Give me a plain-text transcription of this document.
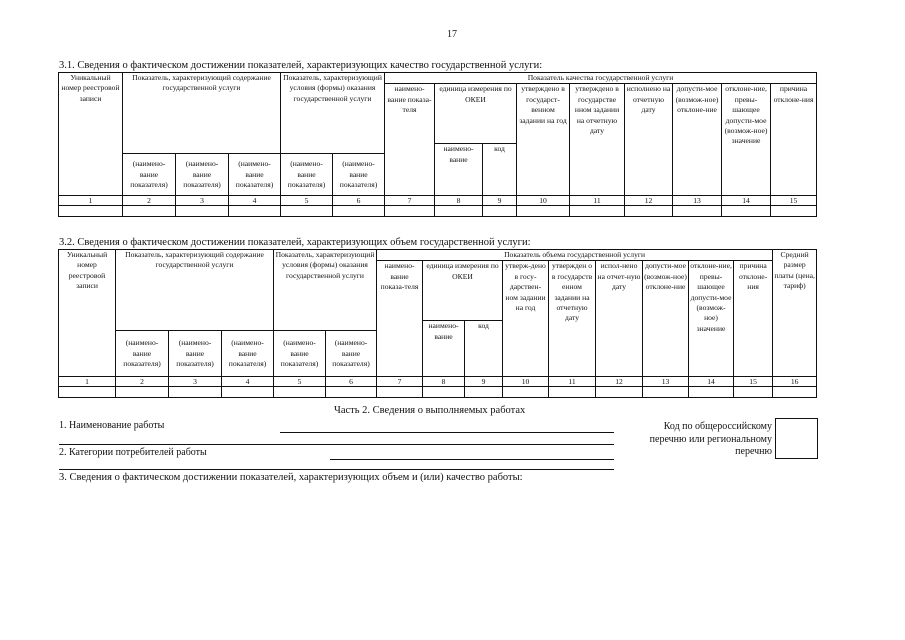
17
3.1. Сведения о фактическом достижении показателей, характеризующих качество государственной услуги:
Уникальный номер реестровой записи	Показатель, характеризующий содержание государственной услуги			Показатель, характеризующий условия (формы) оказания государственной услуги		Показатель качества государственной услуги								
						наимено-вание показа-теля	единица измерения по ОКЕИ		утверждено в государст-венном задании на год	утверждено в государстве нном задании на отчетную дату	исполнено на отчетную дату	допусти-мое (возмож-ное) отклоне-ние	отклоне-ние, превы-шающее допусти-мое (возмож-ное) значение	причина отклоне-ния
							наимено-вание	код						
	(наимено-вание показателя)	(наимено-вание показателя)	(наимено-вание показателя)	(наимено-вание показателя)	(наимено-вание показателя)									
1	2	3	4	5	6	7	8	9	10	11	12	13	14	15

3.2. Сведения о фактическом достижении показателей, характеризующих объем государственной услуги:
Уникальный номер реестровой записи	Показатель, характеризующий содержание государственной услуги			Показатель, характеризующий условия (формы) оказания государственной услуги		Показатель объема государственной услуги									Средний размер платы (цена, тариф)
						наимено-вание показа-теля	единица измерения по ОКЕИ		утверж-дено в госу-дарствен-ном задании на год	утвержден о в государств енном задании на отчетную дату	испол-нено на отчет-ную дату	допусти-мое (возмож-ное) отклоне-ние	отклоне-ние, превы-шающее допусти-мое (возмож-ное) значение	причина отклоне-ния	
							наимено-вание	код							
	(наимено-вание показателя)	(наимено-вание показателя)	(наимено-вание показателя)	(наимено-вание показателя)	(наимено-вание показателя)										
1	2	3	4	5	6	7	8	9	10	11	12	13	14	15	16

Часть 2. Сведения о выполняемых работах
1. Наименование работы
2. Категории потребителей работы
Код по общероссийскому перечню или региональному перечню
3. Сведения о фактическом достижении показателей, характеризующих объем и (или) качество работы:
